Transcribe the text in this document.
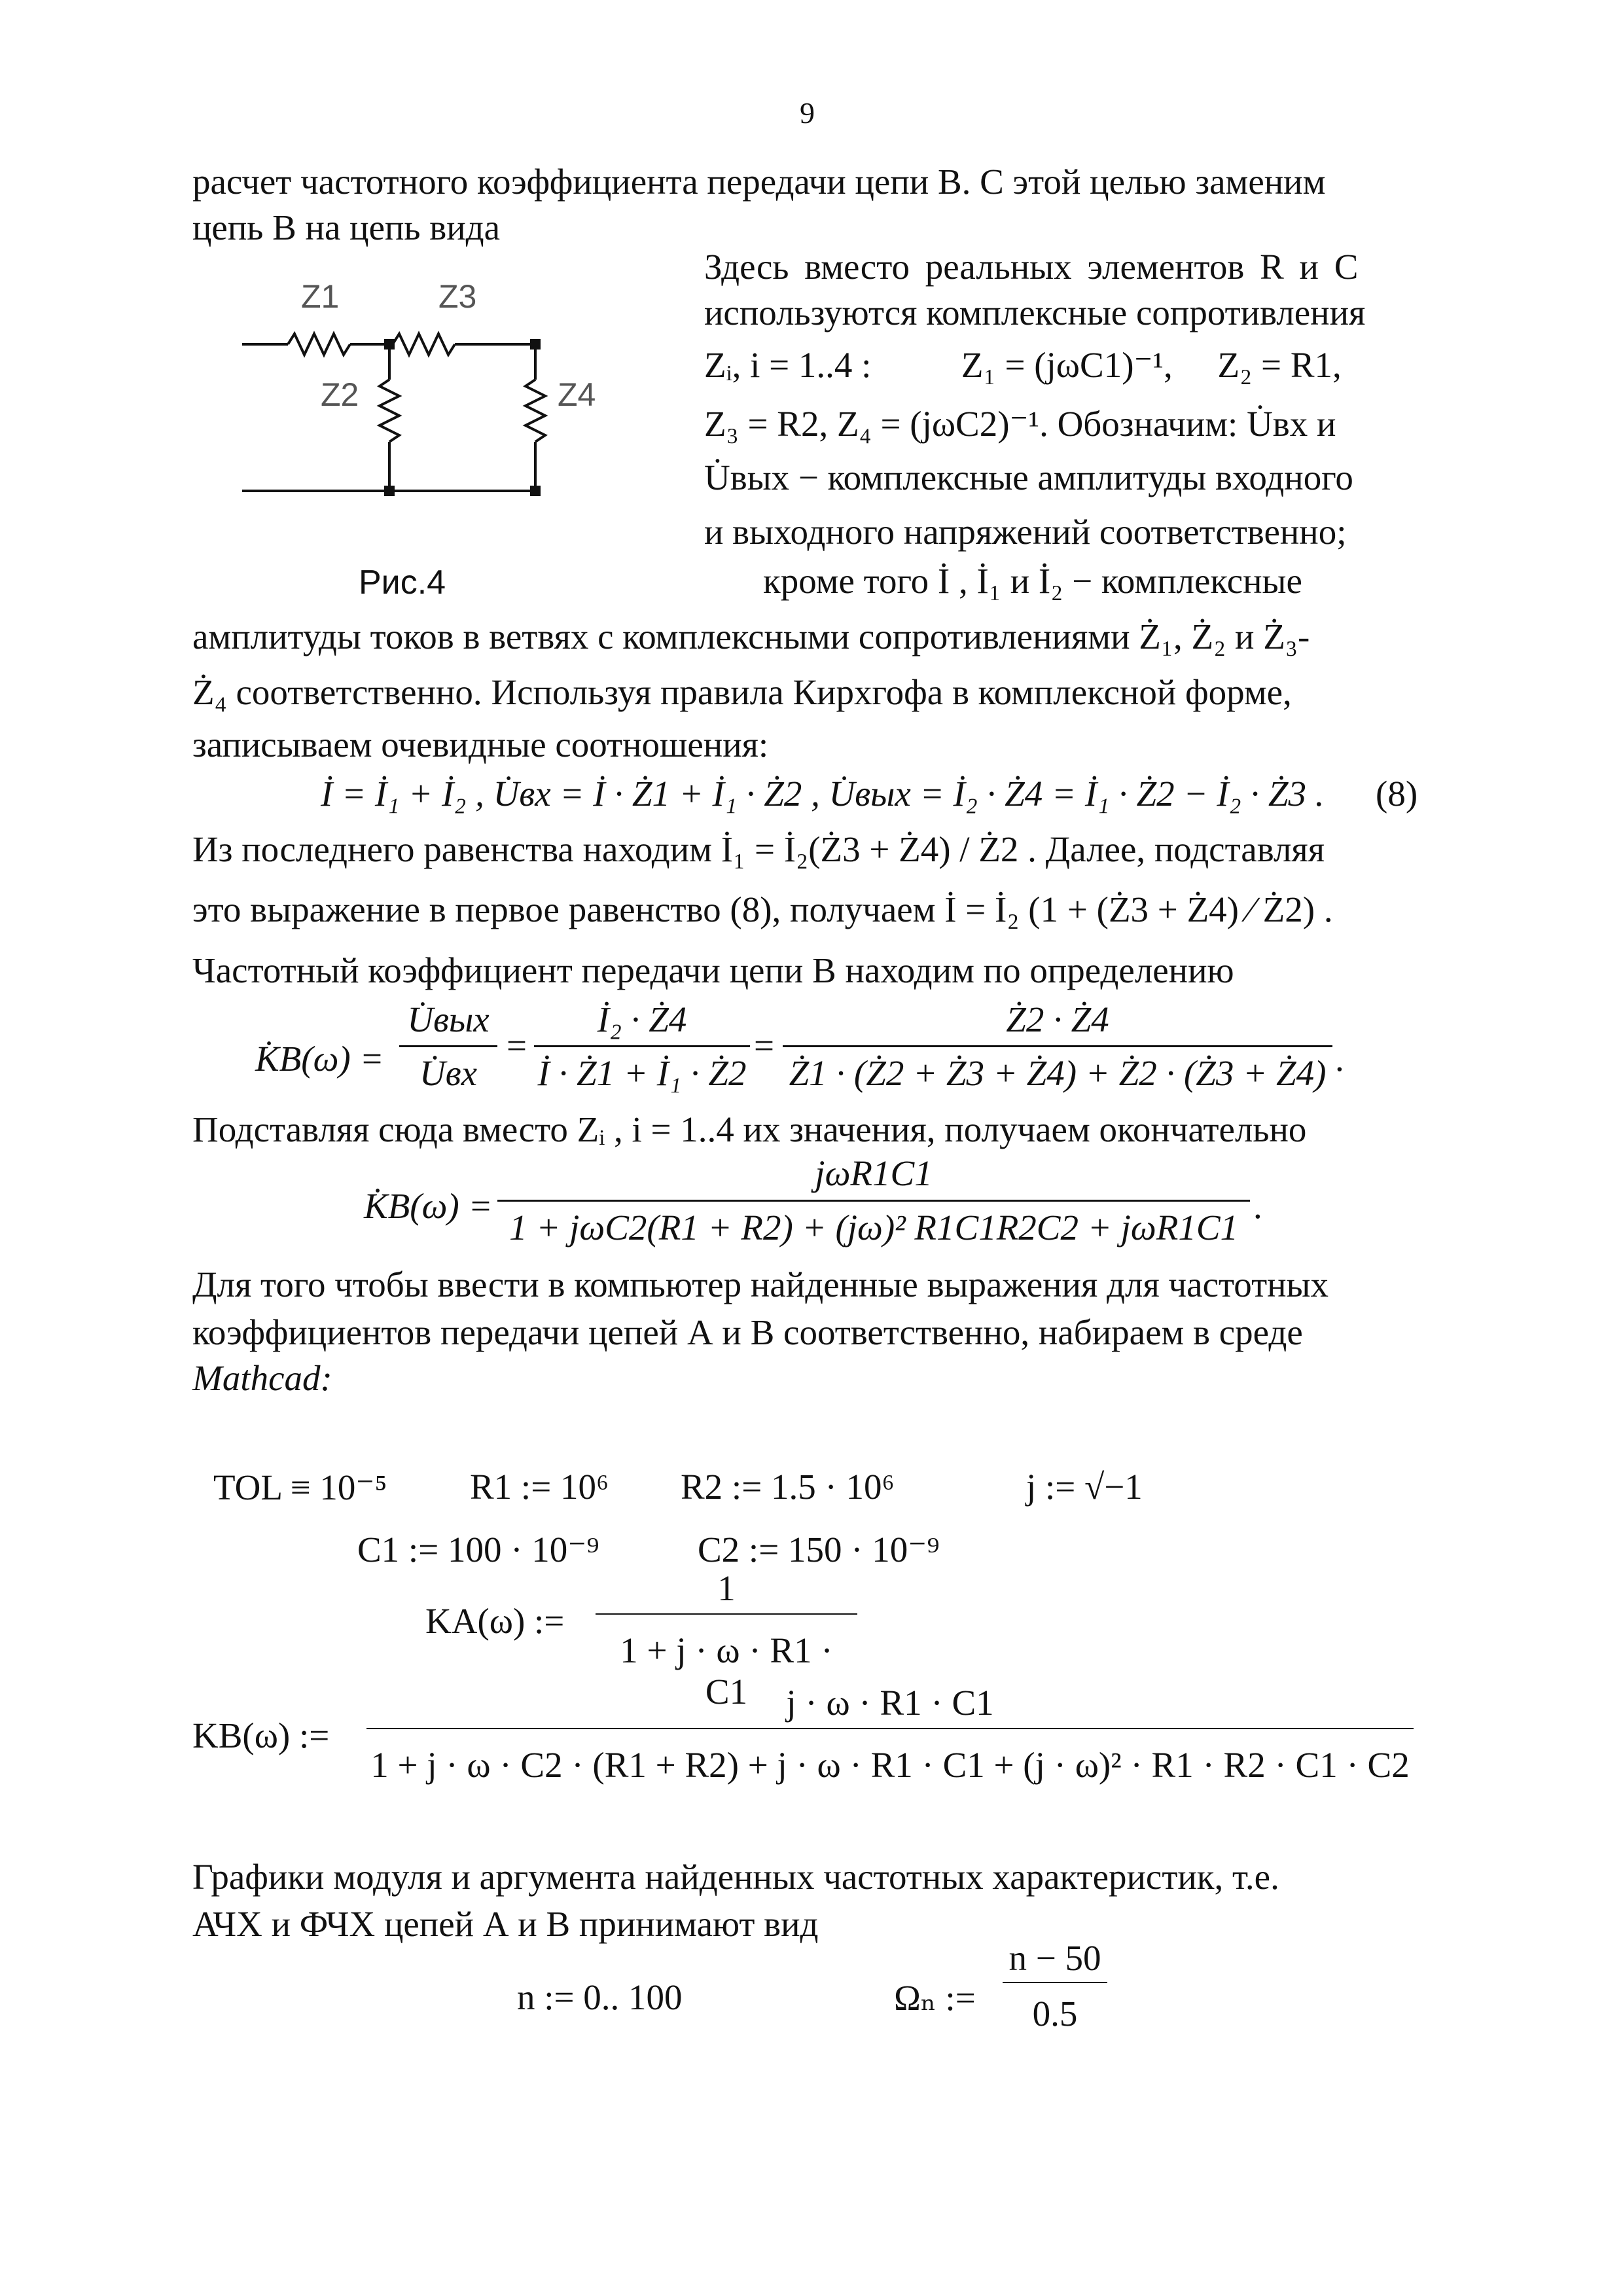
9
расчет частотного коэффициента передачи цепи В. С этой целью заменим
цепь В на цепь вида
Z1	Z3
Z2	Z4
Рис.4
Здесь вместо реальных элементов R и C
используются комплексные сопротивления
Zᵢ, i = 1..4 :          Z₁ = (jωC1)⁻¹,     Z₂ = R1,
Z₃ = R2, Z₄ = (jωC2)⁻¹. Обозначим: U̇вх и
U̇вых − комплексные амплитуды входного
и выходного напряжений соответственно;
кроме того İ , İ₁ и İ₂ − комплексные
амплитуды токов в ветвях с комплексными сопротивлениями Ż₁, Ż₂ и Ż₃-
Ż₄ соответственно. Используя правила Кирхгофа в комплексной форме,
записываем очевидные соотношения:
İ = İ₁ + İ₂ , U̇вх = İ · Ż1 + İ₁ · Ż2 , U̇вых = İ₂ · Ż4 = İ₁ · Ż2 − İ₂ · Ż3 . (8)
Из последнего равенства находим İ₁ = İ₂(Ż3 + Ż4) / Ż2 . Далее, подставляя
это выражение в первое равенство (8), получаем İ = İ₂ (1 + (Ż3 + Ż4) ⁄ Ż2) .
Частотный коэффициент передачи цепи В находим по определению
K̇B(ω) =
U̇вых
U̇вх
=
İ₂ · Ż4
İ · Ż1 + İ₁ · Ż2
=
Ż2 · Ż4
Ż1 · (Ż2 + Ż3 + Ż4) + Ż2 · (Ż3 + Ż4) .
Подставляя сюда вместо Zᵢ , i = 1..4 их значения, получаем окончательно
K̇B(ω) =
jωR1C1
1 + jωC2(R1 + R2) + (jω)² R1C1R2C2 + jωR1C1
.
Для того чтобы ввести в компьютер найденные выражения для частотных
коэффициентов передачи цепей А и В соответственно, набираем в среде
Mathcad:
TOL ≡ 10⁻⁵ R1 := 10⁶ R2 := 1.5 · 10⁶	j := √−1
C1 := 100 · 10⁻⁹	C2 := 150 · 10⁻⁹
KA(ω) :=
1
1 + j · ω · R1 · C1
KB(ω) :=
j · ω · R1 · C1
1 + j · ω · C2 · (R1 + R2) + j · ω · R1 · C1 + (j · ω)² · R1 · R2 · C1 · C2
Графики модуля и аргумента найденных частотных характеристик, т.е.
АЧХ и ФЧХ цепей А и В принимают вид
n := 0.. 100	Ωₙ :=
n − 50
0.5
